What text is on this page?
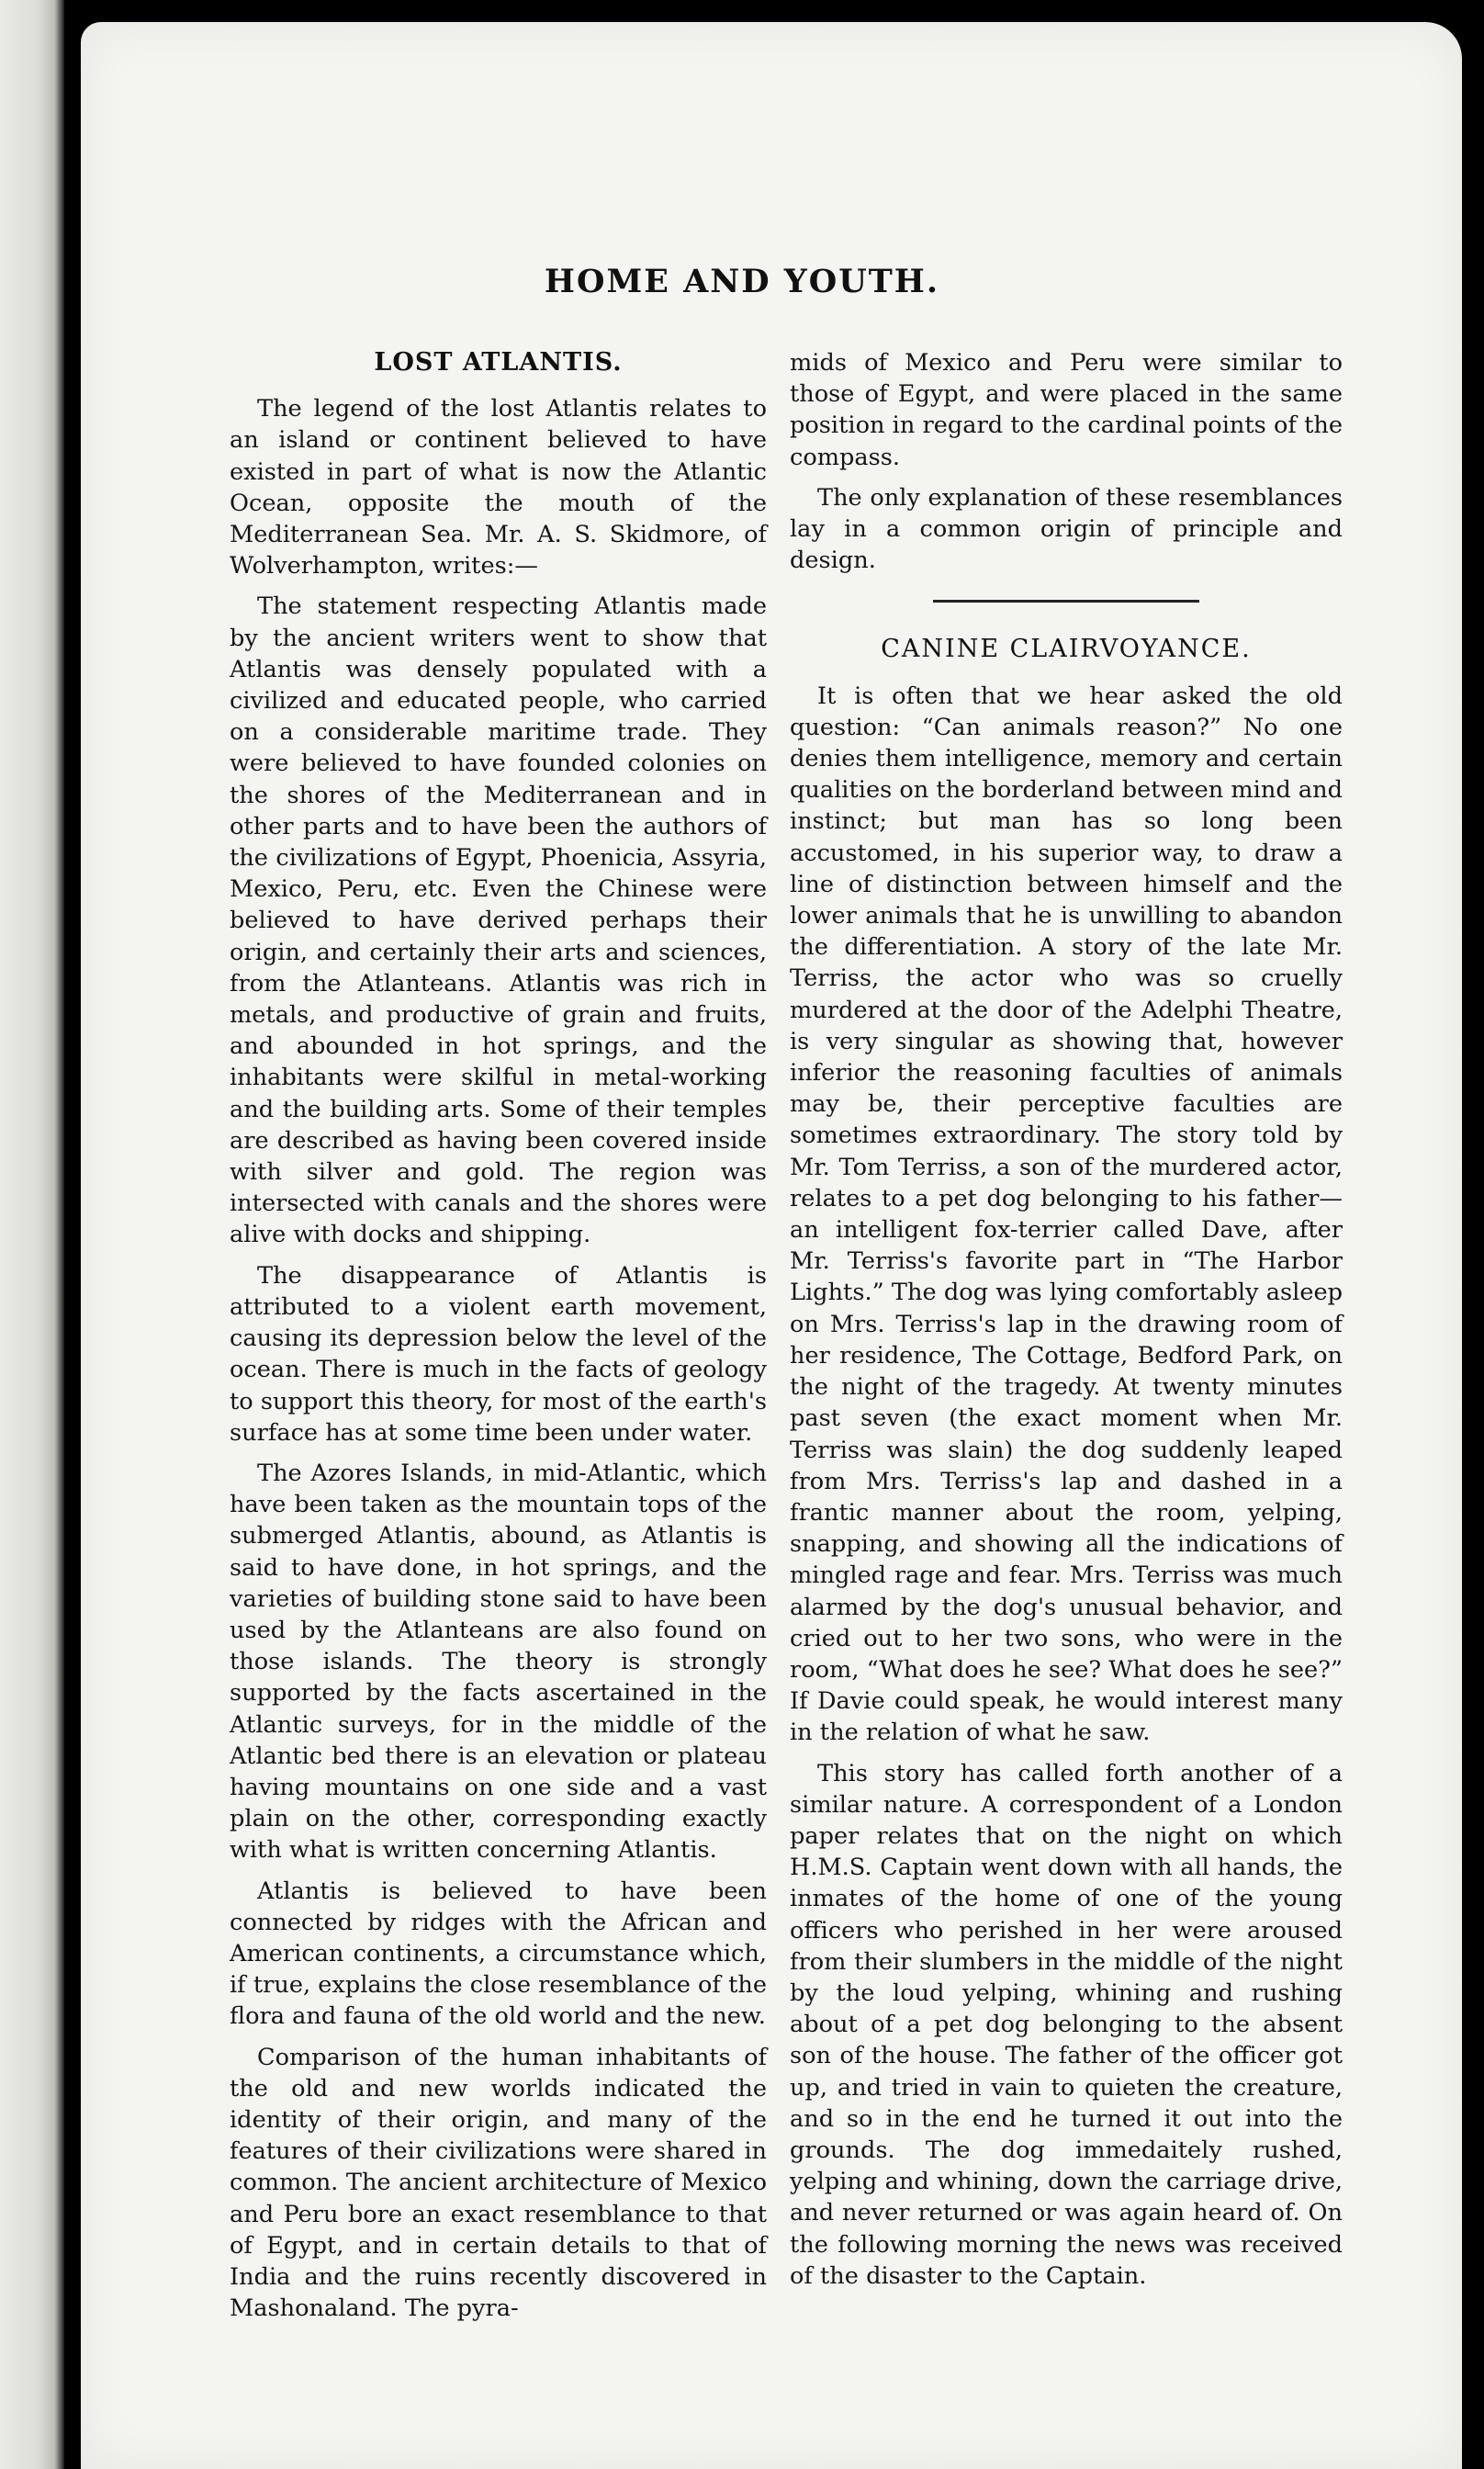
HOME AND YOUTH.
LOST ATLANTIS.

The legend of the lost Atlantis relates to an island or continent believed to have existed in part of what is now the Atlantic Ocean, opposite the mouth of the Mediterranean Sea. Mr. A. S. Skidmore, of Wolverhampton, writes:—

The statement respecting Atlantis made by the ancient writers went to show that Atlantis was densely populated with a civilized and educated people, who carried on a considerable maritime trade. They were believed to have founded colonies on the shores of the Mediterranean and in other parts and to have been the authors of the civilizations of Egypt, Phoenicia, Assyria, Mexico, Peru, etc. Even the Chinese were believed to have derived perhaps their origin, and certainly their arts and sciences, from the Atlanteans. Atlantis was rich in metals, and productive of grain and fruits, and abounded in hot springs, and the inhabitants were skilful in metal-working and the building arts. Some of their temples are described as having been covered inside with silver and gold. The region was intersected with canals and the shores were alive with docks and shipping.

The disappearance of Atlantis is attributed to a violent earth movement, causing its depression below the level of the ocean. There is much in the facts of geology to support this theory, for most of the earth's surface has at some time been under water.

The Azores Islands, in mid-Atlantic, which have been taken as the mountain tops of the submerged Atlantis, abound, as Atlantis is said to have done, in hot springs, and the varieties of building stone said to have been used by the Atlanteans are also found on those islands. The theory is strongly supported by the facts ascertained in the Atlantic surveys, for in the middle of the Atlantic bed there is an elevation or plateau having mountains on one side and a vast plain on the other, corresponding exactly with what is written concerning Atlantis.

Atlantis is believed to have been connected by ridges with the African and American continents, a circumstance which, if true, explains the close resemblance of the flora and fauna of the old world and the new.

Comparison of the human inhabitants of the old and new worlds indicated the identity of their origin, and many of the features of their civilizations were shared in common. The ancient architecture of Mexico and Peru bore an exact resemblance to that of Egypt, and in certain details to that of India and the ruins recently discovered in Mashonaland. The pyra-

mids of Mexico and Peru were similar to those of Egypt, and were placed in the same position in regard to the cardinal points of the compass.

The only explanation of these resemblances lay in a common origin of principle and design.

CANINE CLAIRVOYANCE.

It is often that we hear asked the old question: “Can animals reason?” No one denies them intelligence, memory and certain qualities on the borderland between mind and instinct; but man has so long been accustomed, in his superior way, to draw a line of distinction between himself and the lower animals that he is unwilling to abandon the differentiation. A story of the late Mr. Terriss, the actor who was so cruelly murdered at the door of the Adelphi Theatre, is very singular as showing that, however inferior the reasoning faculties of animals may be, their perceptive faculties are sometimes extraordinary. The story told by Mr. Tom Terriss, a son of the murdered actor, relates to a pet dog belonging to his father—an intelligent fox-terrier called Dave, after Mr. Terriss's favorite part in “The Harbor Lights.” The dog was lying comfortably asleep on Mrs. Terriss's lap in the drawing room of her residence, The Cottage, Bedford Park, on the night of the tragedy. At twenty minutes past seven (the exact moment when Mr. Terriss was slain) the dog suddenly leaped from Mrs. Terriss's lap and dashed in a frantic manner about the room, yelping, snapping, and showing all the indications of mingled rage and fear. Mrs. Terriss was much alarmed by the dog's unusual behavior, and cried out to her two sons, who were in the room, “What does he see? What does he see?” If Davie could speak, he would interest many in the relation of what he saw.

This story has called forth another of a similar nature. A correspondent of a London paper relates that on the night on which H.M.S. Captain went down with all hands, the inmates of the home of one of the young officers who perished in her were aroused from their slumbers in the middle of the night by the loud yelping, whining and rushing about of a pet dog belonging to the absent son of the house. The father of the officer got up, and tried in vain to quieten the creature, and so in the end he turned it out into the grounds. The dog immedaitely rushed, yelping and whining, down the carriage drive, and never returned or was again heard of. On the following morning the news was received of the disaster to the Captain.
